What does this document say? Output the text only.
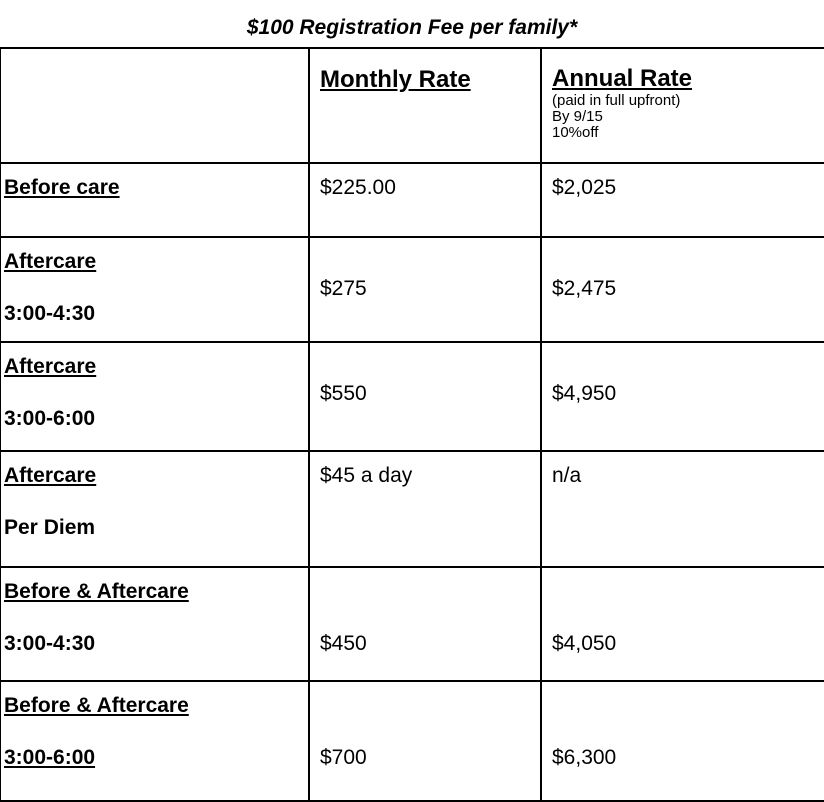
$100 Registration Fee per family*

	Monthly Rate	Annual Rate
(paid in full upfront)
By 9/15
10%off

Before care	$225.00	$2,025

Aftercare
3:00-4:30	$275	$2,475

Aftercare
3:00-6:00	$550	$4,950

Aftercare
Per Diem	$45 a day	n/a

Before & Aftercare
3:00-4:30	$450	$4,050

Before & Aftercare
3:00-6:00	$700	$6,300
